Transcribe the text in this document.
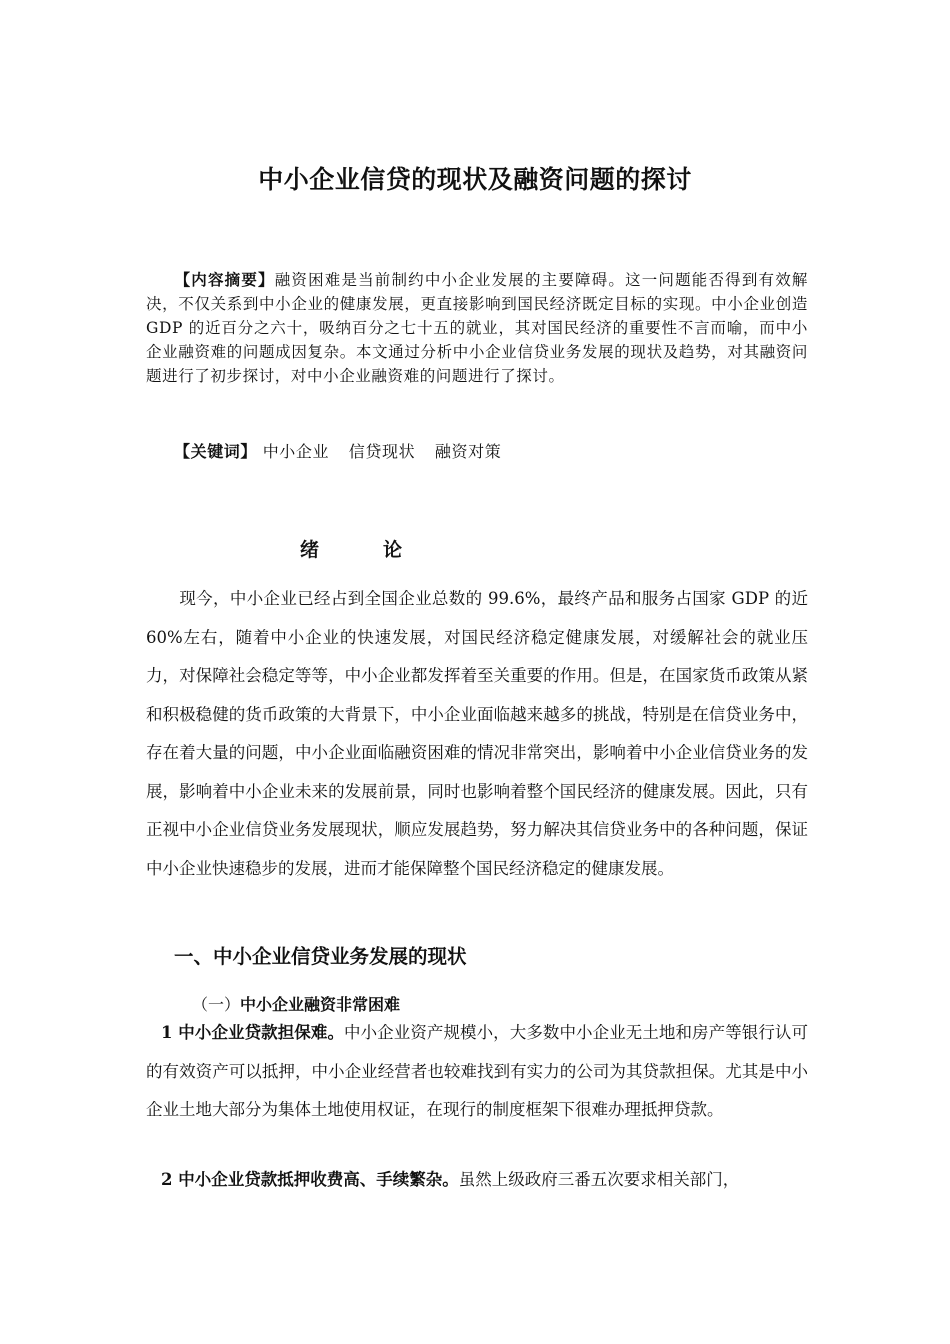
中小企业信贷的现状及融资问题的探讨
【内容摘要】融资困难是当前制约中小企业发展的主要障碍。这一问题能否得到有效解决，不仅关系到中小企业的健康发展，更直接影响到国民经济既定目标的实现。中小企业创造 GDP 的近百分之六十，吸纳百分之七十五的就业，其对国民经济的重要性不言而喻，而中小企业融资难的问题成因复杂。本文通过分析中小企业信贷业务发展的现状及趋势，对其融资问题进行了初步探讨，对中小企业融资难的问题进行了探讨。
【关键词】 中小企业 信贷现状 融资对策
绪论
现今，中小企业已经占到全国企业总数的 99.6%，最终产品和服务占国家 GDP 的近 60%左右，随着中小企业的快速发展，对国民经济稳定健康发展，对缓解社会的就业压力，对保障社会稳定等等，中小企业都发挥着至关重要的作用。但是，在国家货币政策从紧和积极稳健的货币政策的大背景下，中小企业面临越来越多的挑战，特别是在信贷业务中，存在着大量的问题，中小企业面临融资困难的情况非常突出，影响着中小企业信贷业务的发展，影响着中小企业未来的发展前景，同时也影响着整个国民经济的健康发展。因此，只有正视中小企业信贷业务发展现状，顺应发展趋势，努力解决其信贷业务中的各种问题，保证中小企业快速稳步的发展，进而才能保障整个国民经济稳定的健康发展。
一、中小企业信贷业务发展的现状
（一）中小企业融资非常困难
1 中小企业贷款担保难。中小企业资产规模小，大多数中小企业无土地和房产等银行认可的有效资产可以抵押，中小企业经营者也较难找到有实力的公司为其贷款担保。尤其是中小企业土地大部分为集体土地使用权证，在现行的制度框架下很难办理抵押贷款。
2 中小企业贷款抵押收费高、手续繁杂。虽然上级政府三番五次要求相关部门，
